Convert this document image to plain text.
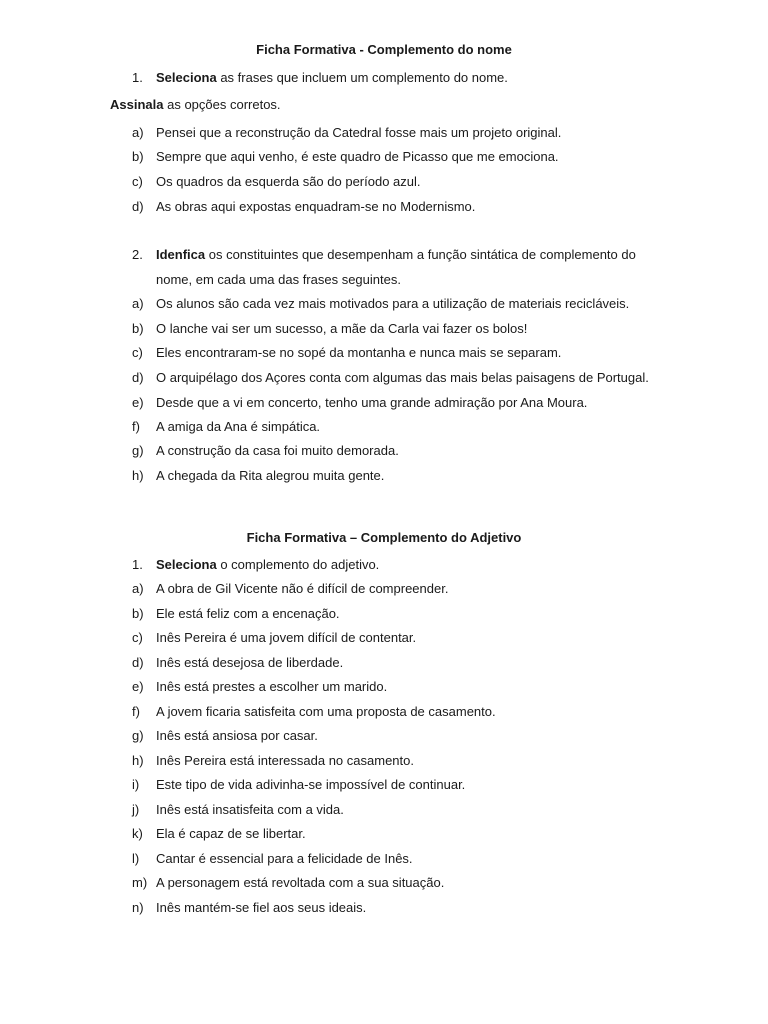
Ficha Formativa - Complemento do nome
1. Seleciona as frases que incluem um complemento do nome.
Assinala as opções corretos.
a) Pensei que a reconstrução da Catedral fosse mais um projeto original.
b) Sempre que aqui venho, é este quadro de Picasso que me emociona.
c) Os quadros da esquerda são do período azul.
d) As obras aqui expostas enquadram-se no Modernismo.
2. Idenfica os constituintes que desempenham a função sintática de complemento do
nome, em cada uma das frases seguintes.
a) Os alunos são cada vez mais motivados para a utilização de materiais recicláveis.
b) O lanche vai ser um sucesso, a mãe da Carla vai fazer os bolos!
c) Eles encontraram-se no sopé da montanha e nunca mais se separam.
d) O arquipélago dos Açores conta com algumas das mais belas paisagens de Portugal.
e) Desde que a vi em concerto, tenho uma grande admiração por Ana Moura.
f) A amiga da Ana é simpática.
g) A construção da casa foi muito demorada.
h) A chegada da Rita alegrou muita gente.
Ficha Formativa – Complemento do Adjetivo
1. Seleciona o complemento do adjetivo.
a) A obra de Gil Vicente não é difícil de compreender.
b) Ele está feliz com a encenação.
c) Inês Pereira é uma jovem difícil de contentar.
d) Inês está desejosa de liberdade.
e) Inês está prestes a escolher um marido.
f) A jovem ficaria satisfeita com uma proposta de casamento.
g) Inês está ansiosa por casar.
h) Inês Pereira está interessada no casamento.
i) Este tipo de vida adivinha-se impossível de continuar.
j) Inês está insatisfeita com a vida.
k) Ela é capaz de se libertar.
l) Cantar é essencial para a felicidade de Inês.
m) A personagem está revoltada com a sua situação.
n) Inês mantém-se fiel aos seus ideais.
